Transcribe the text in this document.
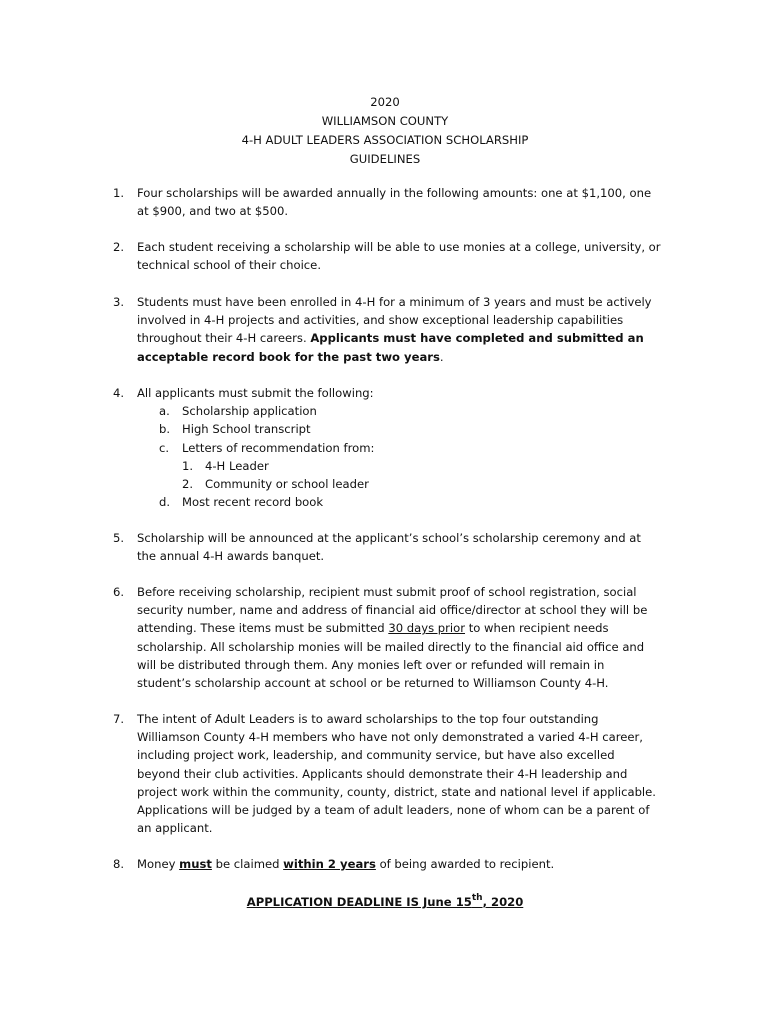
2020
WILLIAMSON COUNTY
4-H ADULT LEADERS ASSOCIATION SCHOLARSHIP
GUIDELINES
1. Four scholarships will be awarded annually in the following amounts: one at $1,100, one at $900, and two at $500.
2. Each student receiving a scholarship will be able to use monies at a college, university, or technical school of their choice.
3. Students must have been enrolled in 4-H for a minimum of 3 years and must be actively involved in 4-H projects and activities, and show exceptional leadership capabilities throughout their 4-H careers. Applicants must have completed and submitted an acceptable record book for the past two years.
4. All applicants must submit the following:
a. Scholarship application
b. High School transcript
c. Letters of recommendation from:
1. 4-H Leader
2. Community or school leader
d. Most recent record book
5. Scholarship will be announced at the applicant’s school’s scholarship ceremony and at the annual 4-H awards banquet.
6. Before receiving scholarship, recipient must submit proof of school registration, social security number, name and address of financial aid office/director at school they will be attending. These items must be submitted 30 days prior to when recipient needs scholarship. All scholarship monies will be mailed directly to the financial aid office and will be distributed through them. Any monies left over or refunded will remain in student’s scholarship account at school or be returned to Williamson County 4-H.
7. The intent of Adult Leaders is to award scholarships to the top four outstanding Williamson County 4-H members who have not only demonstrated a varied 4-H career, including project work, leadership, and community service, but have also excelled beyond their club activities. Applicants should demonstrate their 4-H leadership and project work within the community, county, district, state and national level if applicable. Applications will be judged by a team of adult leaders, none of whom can be a parent of an applicant.
8. Money must be claimed within 2 years of being awarded to recipient.
APPLICATION DEADLINE IS June 15th, 2020
